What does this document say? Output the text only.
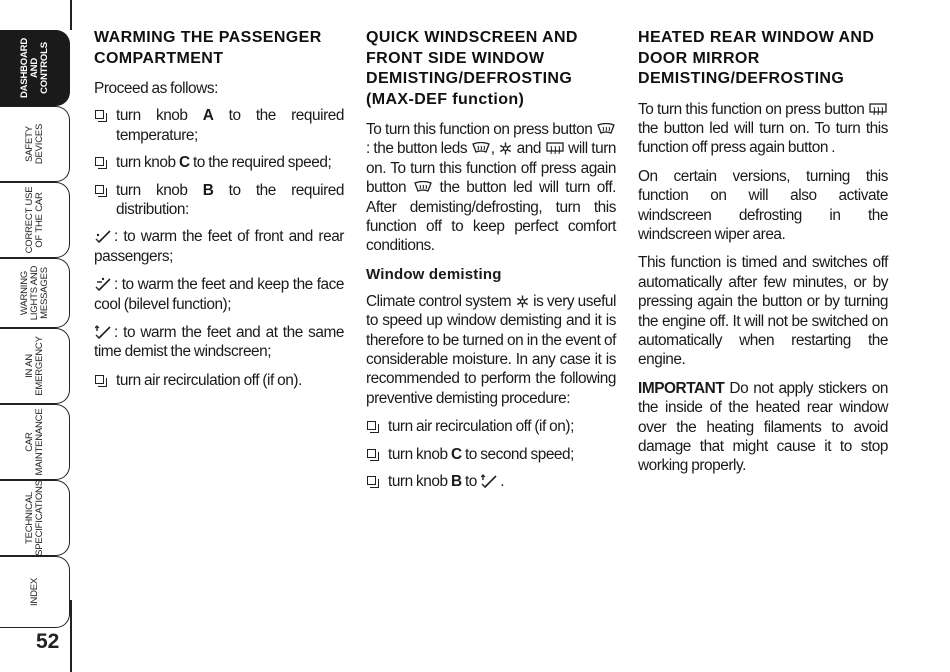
DASHBOARD
AND
CONTROLS
SAFETY
DEVICES
CORRECT USE
OF THE CAR
WARNING
LIGHTS AND
MESSAGES
IN AN
EMERGENCY
CAR
MAINTENANCE
TECHNICAL
SPECIFICATIONS
INDEX
52
WARMING THE PASSENGER COMPARTMENT

Proceed as follows:

turn knob A to the required temperature;

turn knob C to the required speed;

turn knob B to the required distribution:

: to warm the feet of front and rear passengers;

: to warm the feet and keep the face cool (bilevel function);

: to warm the feet and at the same time demist the windscreen;

turn air recirculation off (if on).

QUICK WINDSCREEN AND FRONT SIDE WINDOW DEMISTING/DEFROSTING (MAX-DEF function)

To turn this function on press button
: the button leds
,
and
will turn on. To turn this function off press again button
the button led will turn off. After demisting/defrosting, turn this function off to keep perfect comfort conditions.

Window demisting

Climate control system
is very useful to speed up window demisting and it is therefore to be turned on in the event of considerable moisture. In any case it is recommended to perform the following preventive demisting procedure:

turn air recirculation off (if on);

turn knob C to second speed;

turn knob B to
.

HEATED REAR WINDOW AND DOOR MIRROR DEMISTING/DEFROSTING

To turn this function on press button
the button led will turn on. To turn this function off press again button .

On certain versions, turning this function on will also activate windscreen defrosting in the windscreen wiper area.

This function is timed and switches off automatically after few minutes, or by pressing again the button or by turning the engine off. It will not be switched on automatically when restarting the engine.

IMPORTANT Do not apply stickers on the inside of the heated rear window over the heating filaments to avoid damage that might cause it to stop working properly.
